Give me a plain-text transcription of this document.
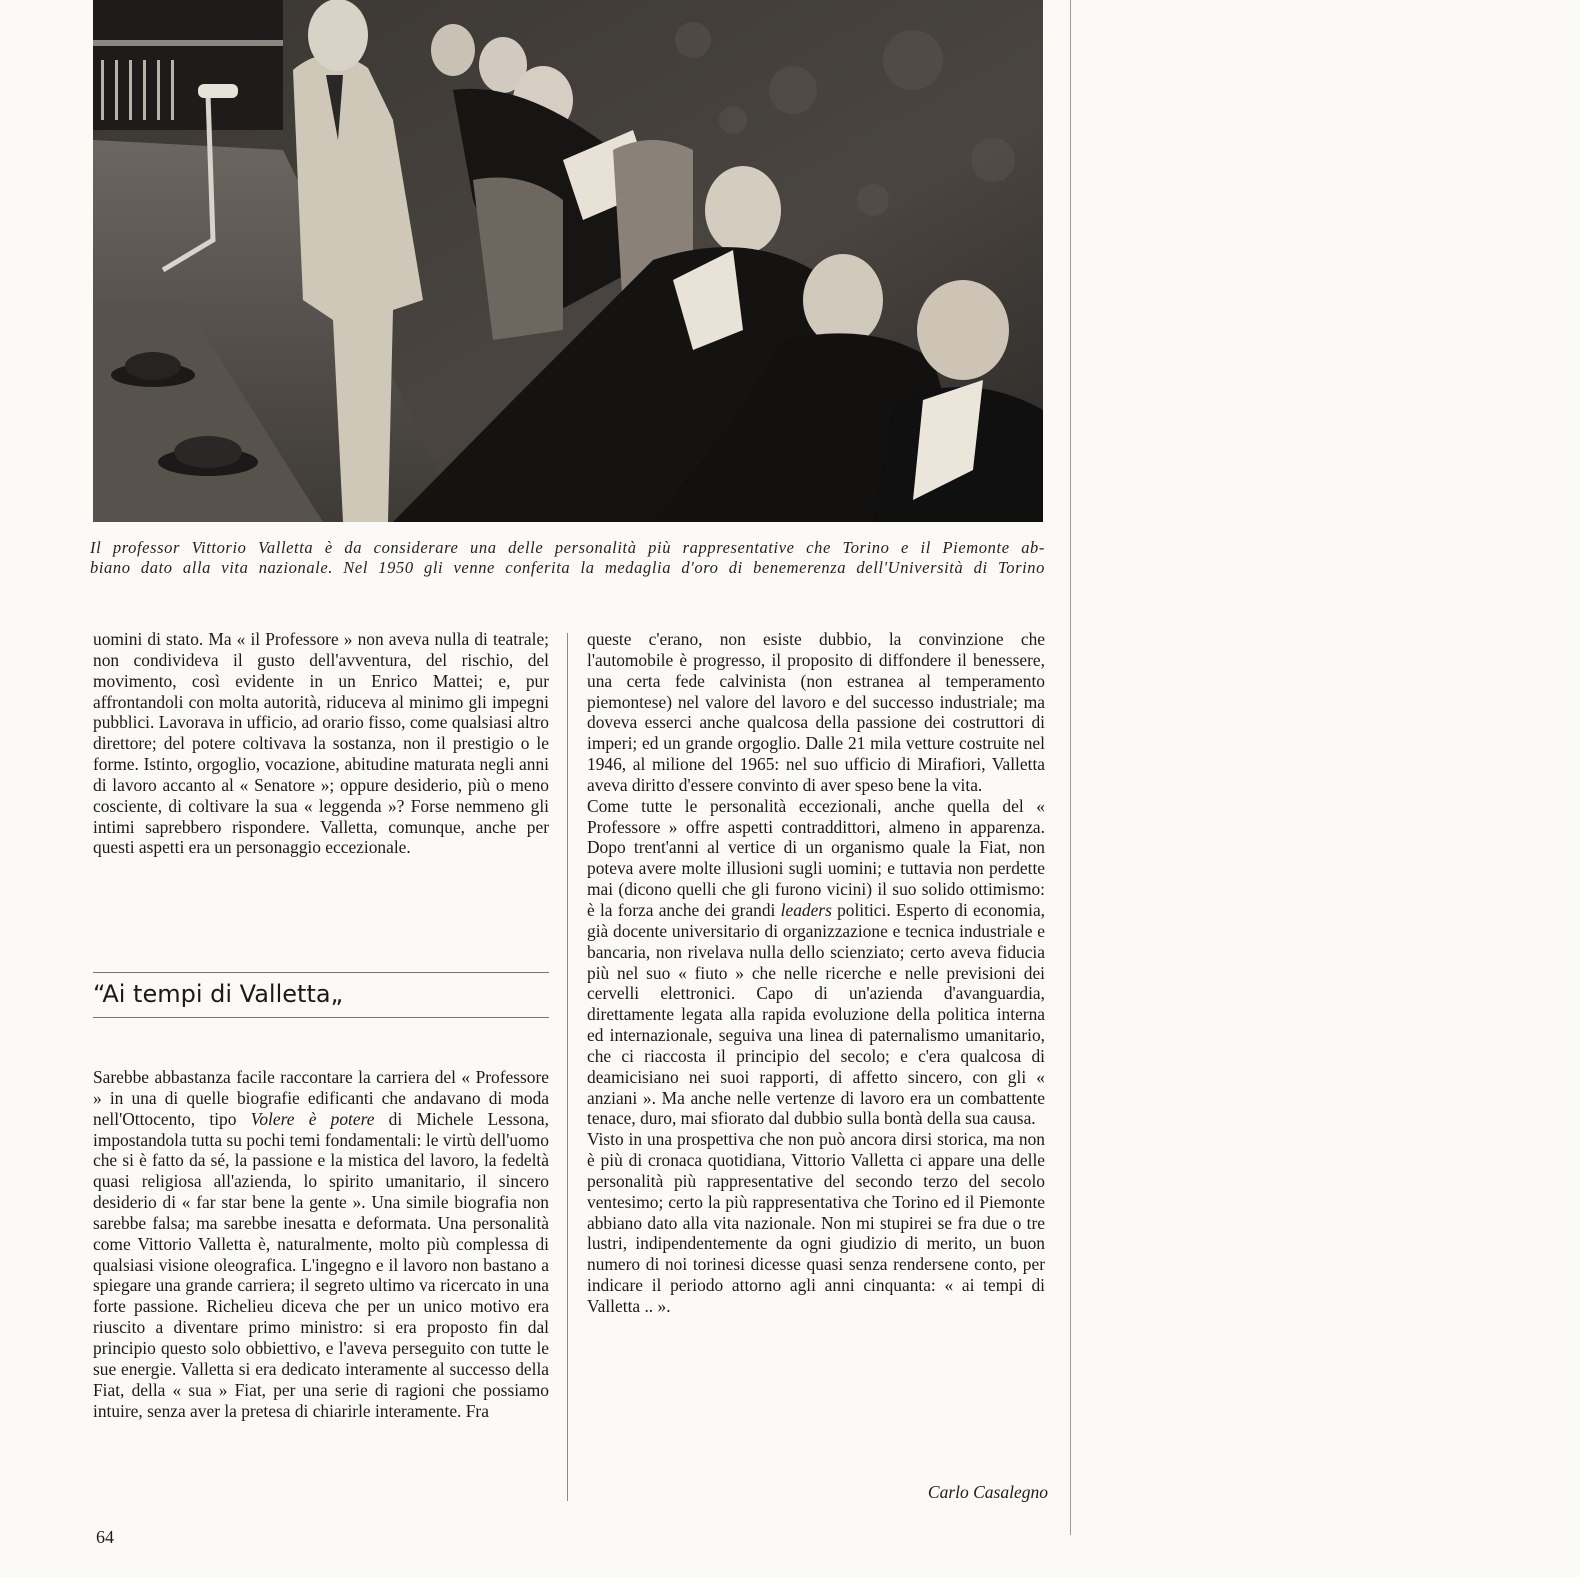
Il professor Vittorio Valletta è da considerare una delle personalità più rappresentative che Torino e il Piemonte ab-

biano dato alla vita nazionale. Nel 1950 gli venne conferita la medaglia d'oro di benemerenza dell'Università di Torino

uomini di stato. Ma « il Professore » non aveva nulla di teatrale; non condivideva il gusto dell'avventura, del rischio, del movimento, così evidente in un Enrico Mattei; e, pur affrontandoli con molta autorità, riduceva al minimo gli impegni pubblici. Lavorava in ufficio, ad orario fisso, come qualsiasi altro direttore; del potere coltivava la sostanza, non il prestigio o le forme. Istinto, orgoglio, vocazione, abitudine maturata negli anni di lavoro accanto al « Senatore »; oppure desiderio, più o meno cosciente, di coltivare la sua « leggenda »? Forse nemmeno gli intimi saprebbero rispondere. Valletta, comunque, anche per questi aspetti era un personaggio eccezionale.

“Ai tempi di Valletta„

Sarebbe abbastanza facile raccontare la carriera del « Professore » in una di quelle biografie edificanti che andavano di moda nell'Ottocento, tipo Volere è potere di Michele Lessona, impostandola tutta su pochi temi fondamentali: le virtù dell'uomo che si è fatto da sé, la passione e la mistica del lavoro, la fedeltà quasi religiosa all'azienda, lo spirito umanitario, il sincero desiderio di « far star bene la gente ». Una simile biografia non sarebbe falsa; ma sarebbe inesatta e deformata. Una personalità come Vittorio Valletta è, naturalmente, molto più complessa di qualsiasi visione oleografica. L'ingegno e il lavoro non bastano a spiegare una grande carriera; il segreto ultimo va ricercato in una forte passione. Richelieu diceva che per un unico motivo era riuscito a diventare primo ministro: si era proposto fin dal principio questo solo obbiettivo, e l'aveva perseguito con tutte le sue energie. Valletta si era dedicato interamente al successo della Fiat, della « sua » Fiat, per una serie di ragioni che possiamo intuire, senza aver la pretesa di chiarirle interamente. Fra

queste c'erano, non esiste dubbio, la convinzione che l'automobile è progresso, il proposito di diffondere il benessere, una certa fede calvinista (non estranea al temperamento piemontese) nel valore del lavoro e del successo industriale; ma doveva esserci anche qualcosa della passione dei costruttori di imperi; ed un grande orgoglio. Dalle 21 mila vetture costruite nel 1946, al milione del 1965: nel suo ufficio di Mirafiori, Valletta aveva diritto d'essere convinto di aver speso bene la vita.

Come tutte le personalità eccezionali, anche quella del « Professore » offre aspetti contraddittori, almeno in apparenza. Dopo trent'anni al vertice di un organismo quale la Fiat, non poteva avere molte illusioni sugli uomini; e tuttavia non perdette mai (dicono quelli che gli furono vicini) il suo solido ottimismo: è la forza anche dei grandi leaders politici. Esperto di economia, già docente universitario di organizzazione e tecnica industriale e bancaria, non rivelava nulla dello scienziato; certo aveva fiducia più nel suo « fiuto » che nelle ricerche e nelle previsioni dei cervelli elettronici. Capo di un'azienda d'avanguardia, direttamente legata alla rapida evoluzione della politica interna ed internazionale, seguiva una linea di paternalismo umanitario, che ci riaccosta il principio del secolo; e c'era qualcosa di deamicisiano nei suoi rapporti, di affetto sincero, con gli « anziani ». Ma anche nelle vertenze di lavoro era un combattente tenace, duro, mai sfiorato dal dubbio sulla bontà della sua causa.

Visto in una prospettiva che non può ancora dirsi storica, ma non è più di cronaca quotidiana, Vittorio Valletta ci appare una delle personalità più rappresentative del secondo terzo del secolo ventesimo; certo la più rappresentativa che Torino ed il Piemonte abbiano dato alla vita nazionale. Non mi stupirei se fra due o tre lustri, indipendentemente da ogni giudizio di merito, un buon numero di noi torinesi dicesse quasi senza rendersene conto, per indicare il periodo attorno agli anni cinquanta: « ai tempi di Valletta .. ».

Carlo Casalegno
64
